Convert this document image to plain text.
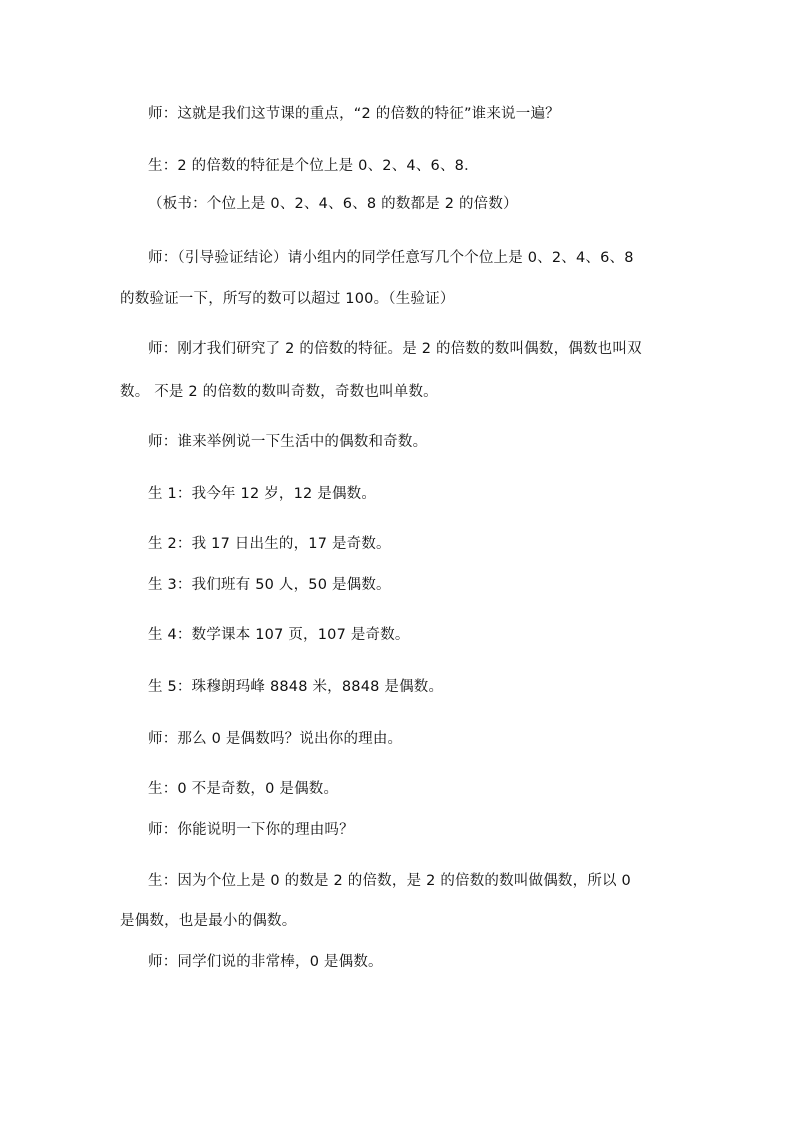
师：这就是我们这节课的重点，“2 的倍数的特征”谁来说一遍？
生：2 的倍数的特征是个位上是 0、2、4、6、8．
（板书：个位上是 0、2、4、6、8 的数都是 2 的倍数）
师：（引导验证结论）请小组内的同学任意写几个个位上是 0、2、4、6、8
的数验证一下，所写的数可以超过 100。（生验证）
师：刚才我们研究了 2 的倍数的特征。是 2 的倍数的数叫偶数，偶数也叫双
数。 不是 2 的倍数的数叫奇数，奇数也叫单数。
师：谁来举例说一下生活中的偶数和奇数。
生 1：我今年 12 岁，12 是偶数。
生 2：我 17 日出生的，17 是奇数。
生 3：我们班有 50 人，50 是偶数。
生 4：数学课本 107 页，107 是奇数。
生 5：珠穆朗玛峰 8848 米，8848 是偶数。
师：那么 0 是偶数吗？说出你的理由。
生：0 不是奇数，0 是偶数。
师：你能说明一下你的理由吗？
生：因为个位上是 0 的数是 2 的倍数，是 2 的倍数的数叫做偶数，所以 0
是偶数，也是最小的偶数。
师：同学们说的非常棒，0 是偶数。
